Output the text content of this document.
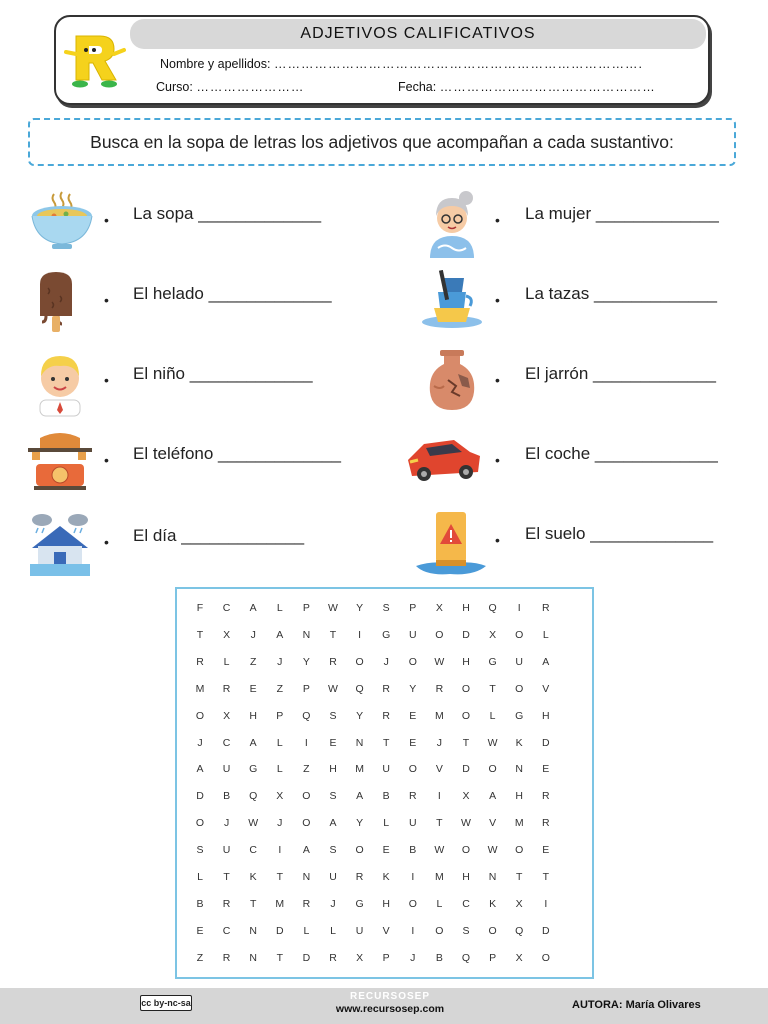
ADJETIVOS CALIFICATIVOS
Nombre y apellidos: ……………………………………………………………………….
Curso: ……………………	Fecha: …………………………………………
Busca en la sopa de letras los adjetivos que acompañan a cada sustantivo:
• La sopa _____________
• El helado _____________
• El niño _____________
• El teléfono _____________
• El día _____________
• La mujer _____________
• La tazas _____________
• El jarrón _____________
• El coche _____________
• El suelo _____________
F	C	A	L	P	W	Y	S	P	X	H	Q	I	R
T	X	J	A	N	T	I	G	U	O	D	X	O	L
R	L	Z	J	Y	R	O	J	O	W	H	G	U	A
M	R	E	Z	P	W	Q	R	Y	R	O	T	O	V
O	X	H	P	Q	S	Y	R	E	M	O	L	G	H
J	C	A	L	I	E	N	T	E	J	T	W	K	D
A	U	G	L	Z	H	M	U	O	V	D	O	N	E
D	B	Q	X	O	S	A	B	R	I	X	A	H	R
O	J	W	J	O	A	Y	L	U	T	W	V	M	R
S	U	C	I	A	S	O	E	B	W	O	W	O	E
L	T	K	T	N	U	R	K	I	M	H	N	T	T
B	R	T	M	R	J	G	H	O	L	C	K	X	I
E	C	N	D	L	L	U	V	I	O	S	O	Q	D
Z	R	N	T	D	R	X	P	J	B	Q	P	X	O
cc by-nc-sa
RECURSOSEP
www.recursosep.com	AUTORA: María Olivares
